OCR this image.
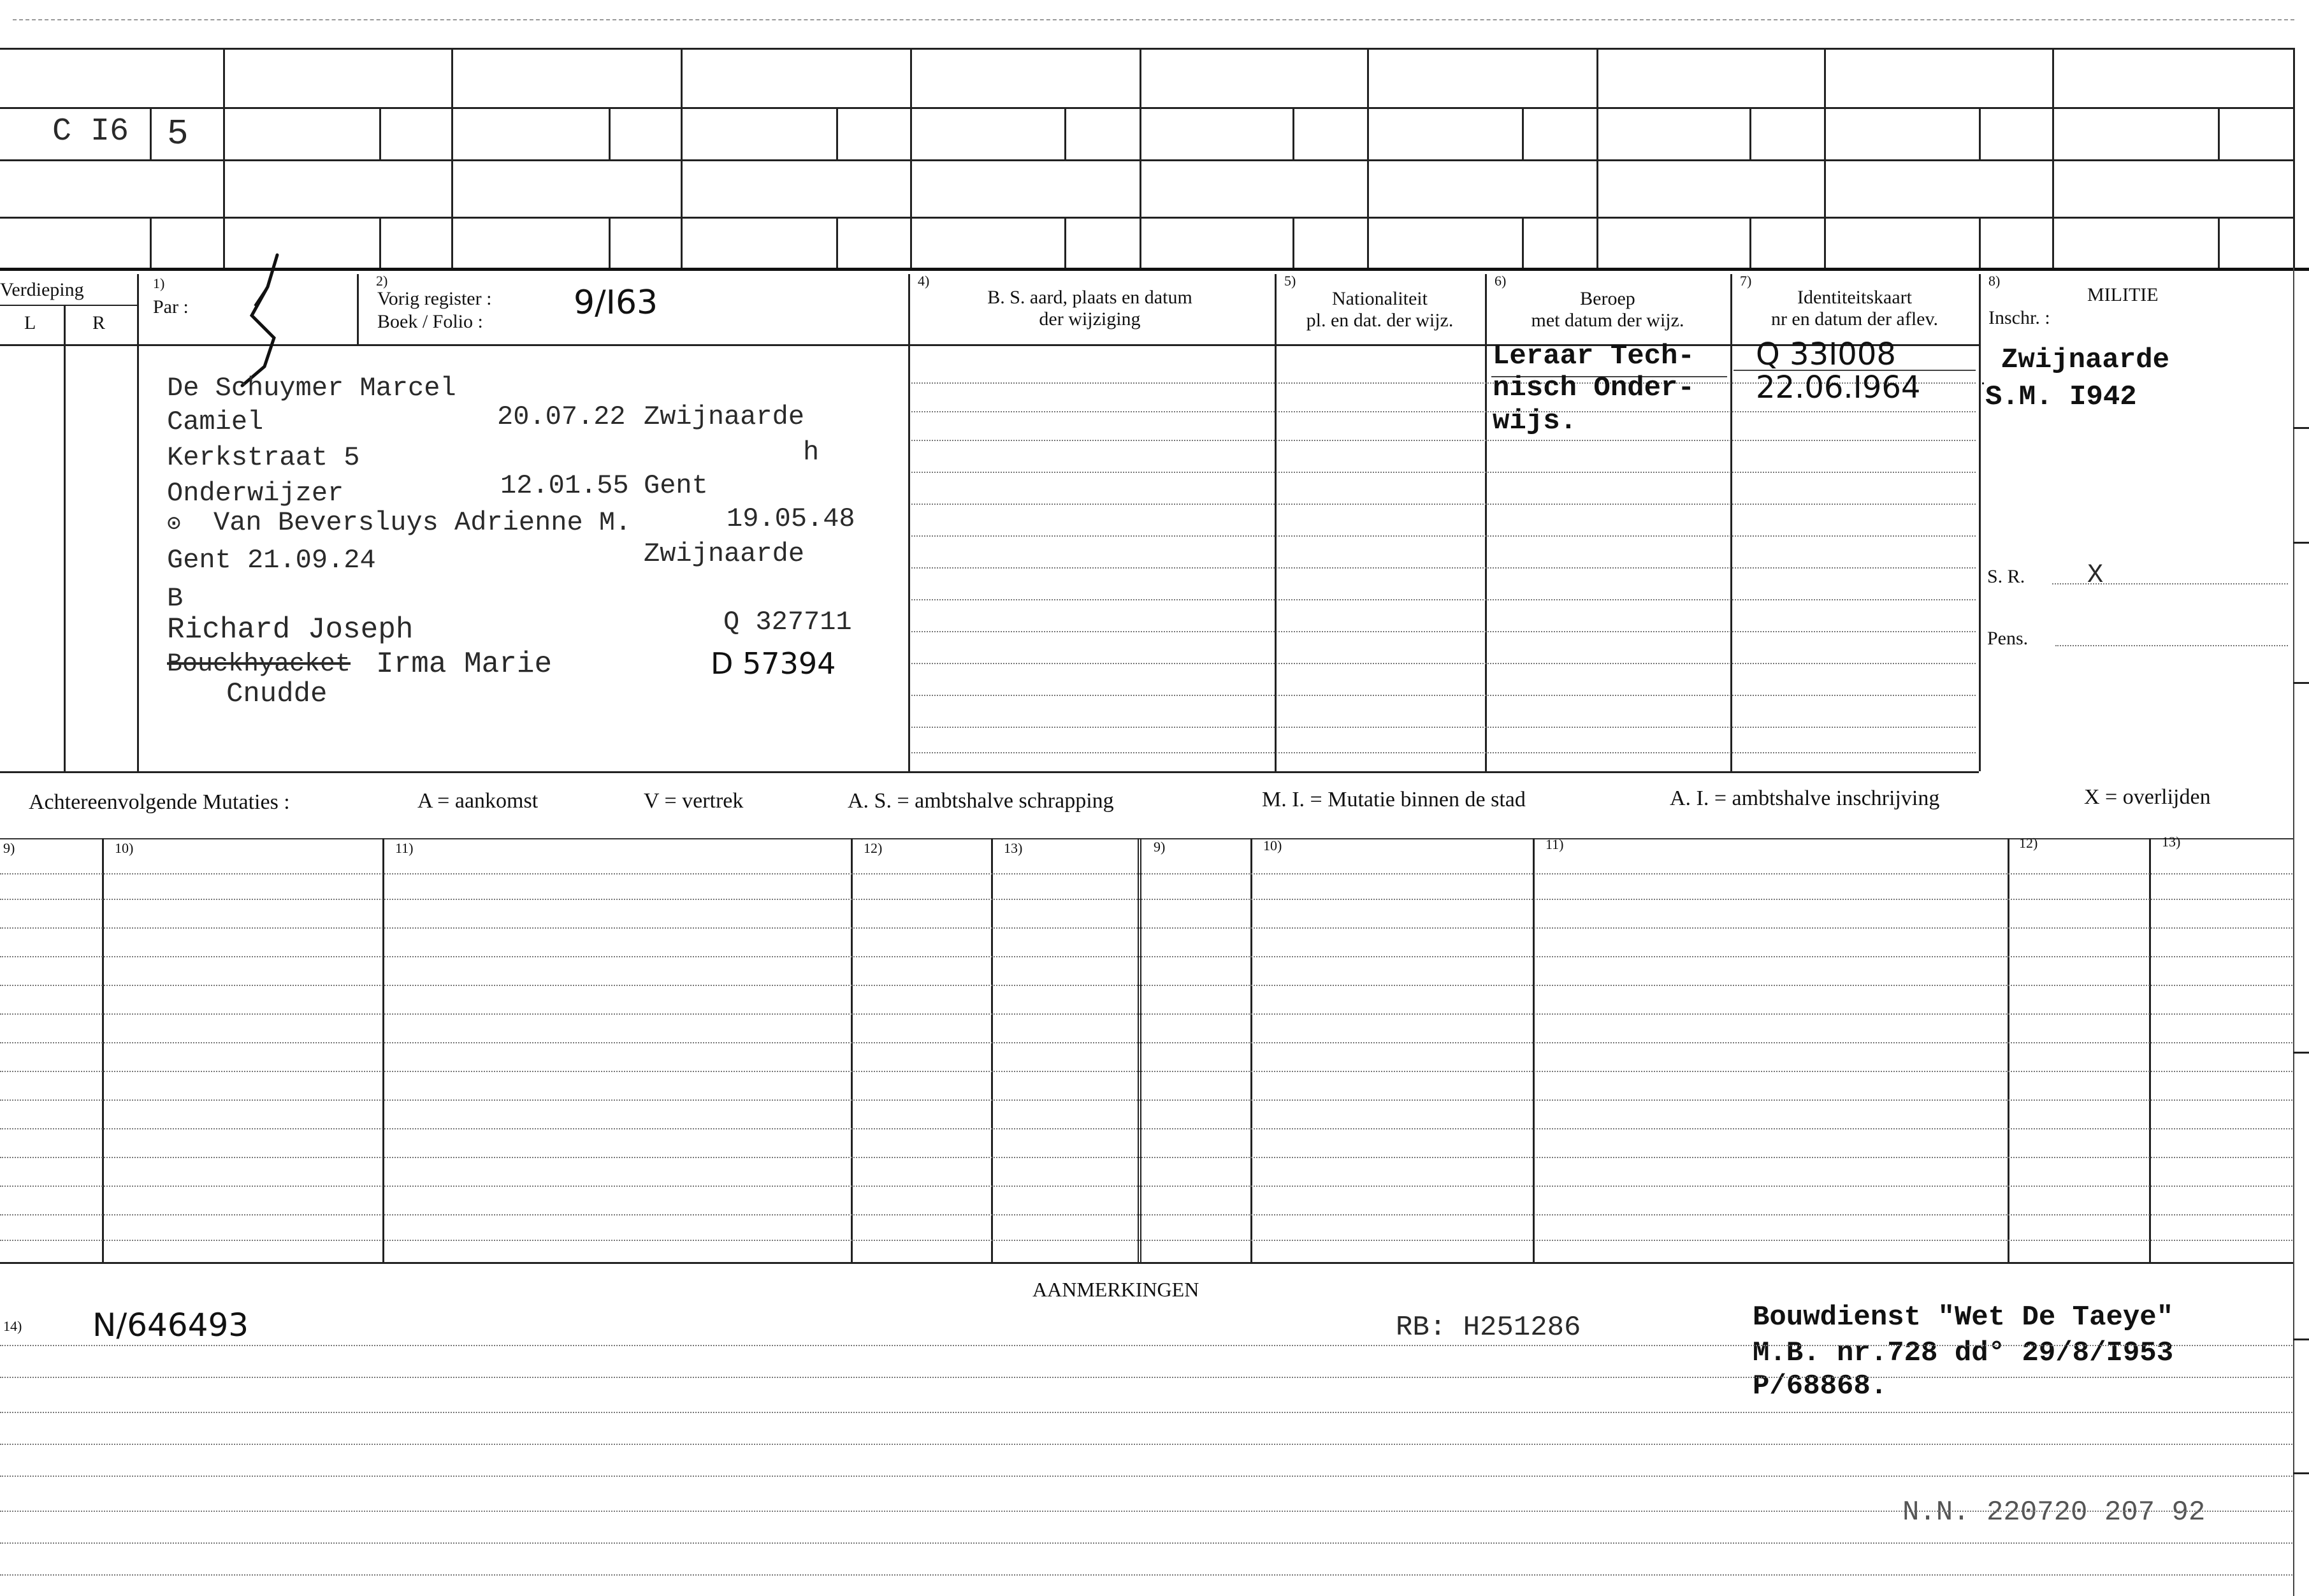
C I6 5
Verdieping
L	R
1)
Par :
2)
Vorig register :
Boek / Folio :	9/I63
4)
B. S. aard, plaats en datum
der wijziging
5)
Nationaliteit
pl. en dat. der wijz.
6)
Beroep
met datum der wijz.
7)
Identiteitskaart
nr en datum der aflev.
8)
MILITIE
Inschr. :
De Schuymer Marcel
Camiel	20.07.22 Zwijnaarde
Kerkstraat 5	h
Onderwijzer	12.01.55 Gent
⊙ Van Beversluys Adrienne M.	19.05.48
Gent 21.09.24	Zwijnaarde
B
Richard Joseph	Q 327711
Bouckhyacket Irma Marie	D 57394
Cnudde
Leraar Tech-
nisch Onder-
wijs.
Q 33I008
22.06.I964
Zwijnaarde
S.M. I942
S. R. X
Pens.
Achtereenvolgende Mutaties :	A = aankomst	V = vertrek	A. S. = ambtshalve schrapping	M. I. = Mutatie binnen de stad	A. I. = ambtshalve inschrijving	X = overlijden
9)	10)	11)	12)	13)	9)	10)	11)	12)	13)
AANMERKINGEN
14) N/646493	RB: H251286	Bouwdienst "Wet De Taeye"
M.B. nr.728 dd° 29/8/I953
P/68868.
N.N. 220720 207 92
